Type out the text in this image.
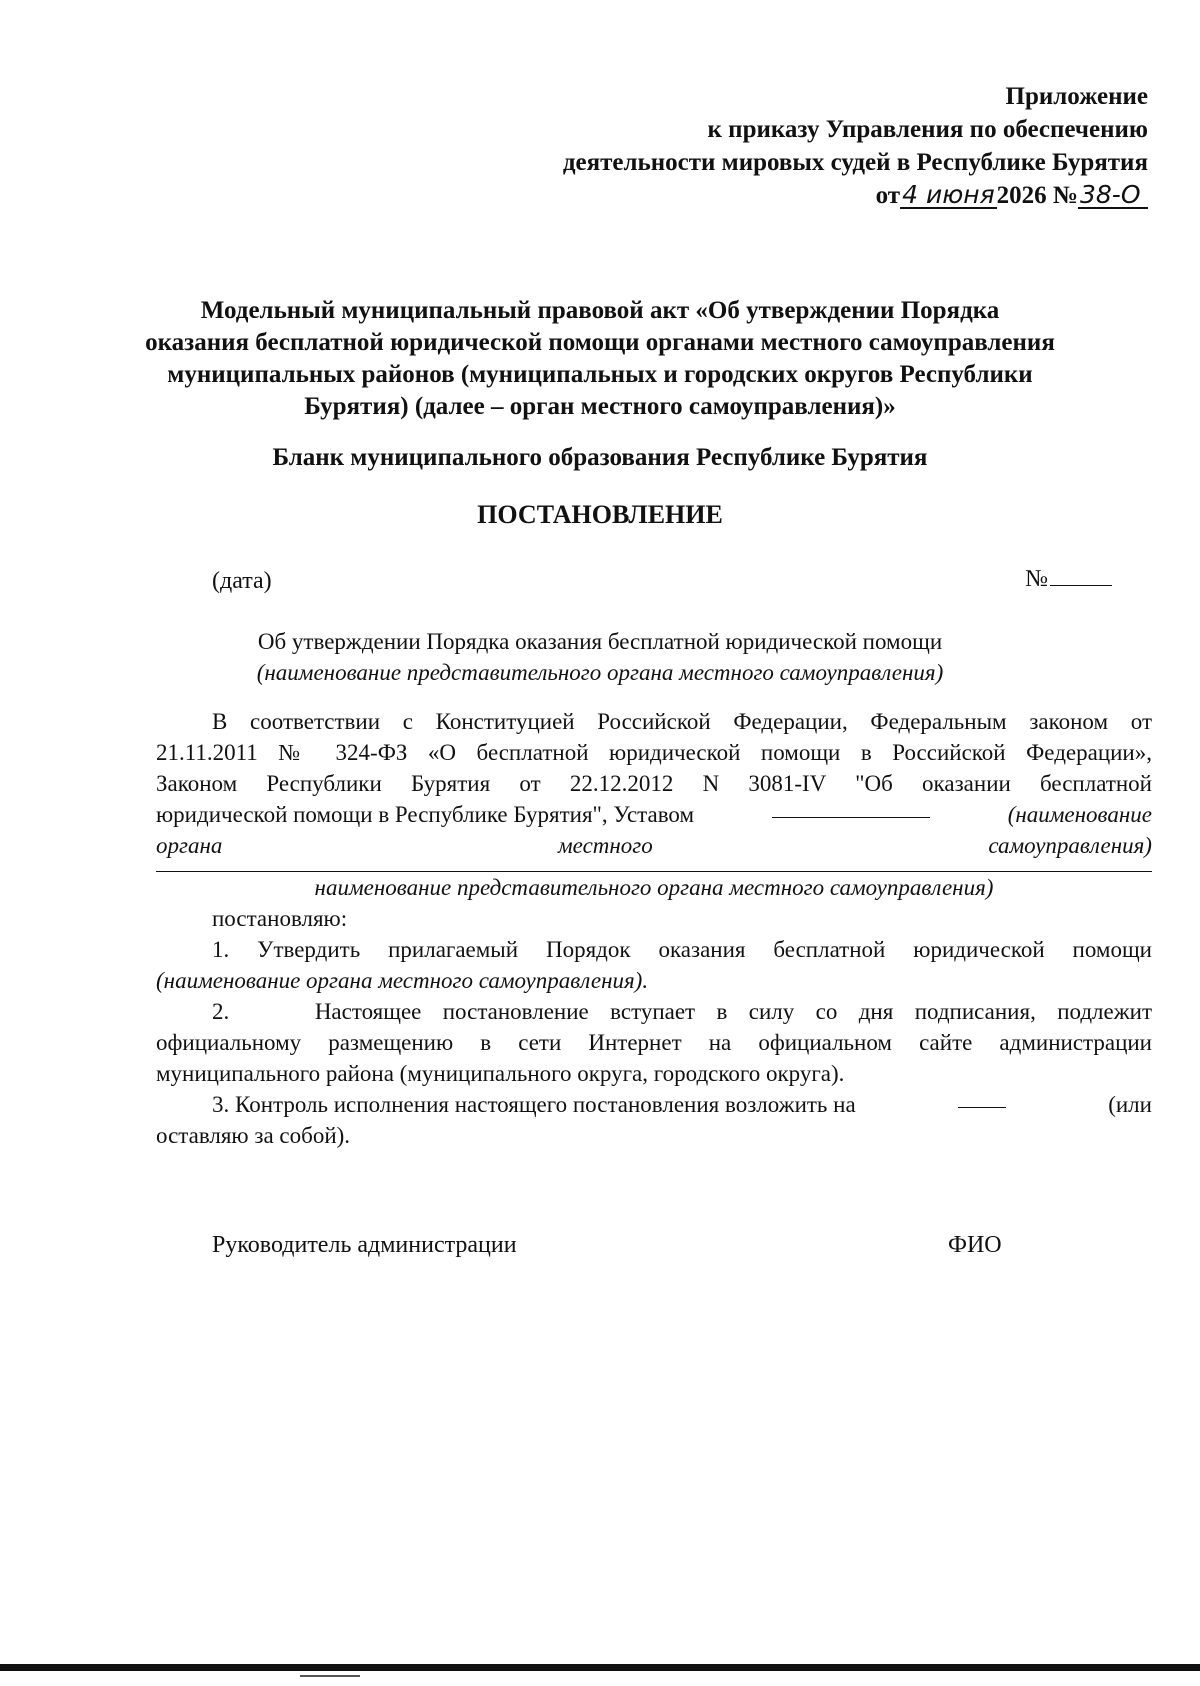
Приложение
к приказу Управления по обеспечению
деятельности мировых судей в Республике Бурятия
от4 июня2026 №38-О
Модельный муниципальный правовой акт «Об утверждении Порядка
оказания бесплатной юридической помощи органами местного самоуправления
муниципальных районов (муниципальных и городских округов Республики
Бурятия) (далее – орган местного самоуправления)»
Бланк муниципального образования Республике Бурятия
ПОСТАНОВЛЕНИЕ
(дата)	№
Об утверждении Порядка оказания бесплатной юридической помощи
(наименование представительного органа местного самоуправления)
В соответствии с Конституцией Российской Федерации, Федеральным законом от
21.11.2011 № 324-ФЗ «О бесплатной юридической помощи в Российской Федерации»,
Законом Республики Бурятия от 22.12.2012 N 3081-IV "Об оказании бесплатной
юридической помощи в Республике Бурятия", Уставом	(наименование
органа	местного	самоуправления)
наименование представительного органа местного самоуправления)
постановляю:
1. Утвердить прилагаемый Порядок оказания бесплатной юридической помощи
(наименование органа местного самоуправления).
2.    Настоящее постановление вступает в силу со дня подписания, подлежит
официальному размещению в сети Интернет на официальном сайте администрации
муниципального района (муниципального округа, городского округа).
3. Контроль исполнения настоящего постановления возложить на	(или
оставляю за собой).
Руководитель администрации	ФИО
